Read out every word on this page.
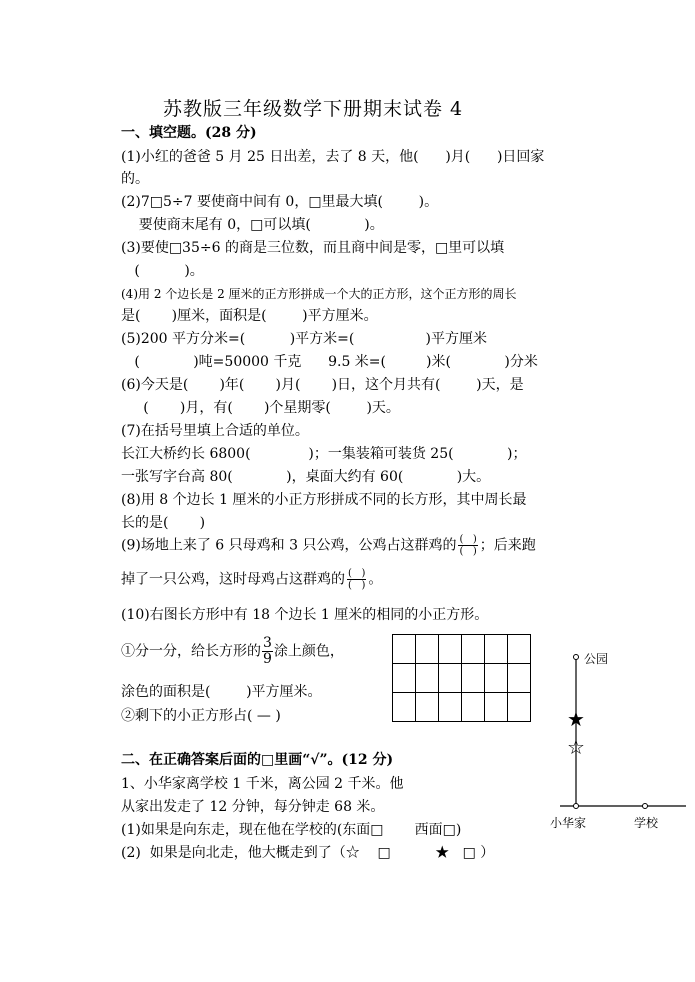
苏教版三年级数学下册期末试卷 4
一、填空题。(28 分)
(1)小红的爸爸 5 月 25 日出差，去了 8 天，他(      )月(      )日回家
的。
(2)7□5÷7 要使商中间有 0，□里最大填(        )。
要使商末尾有 0，□可以填(            )。
(3)要使□35÷6 的商是三位数，而且商中间是零，□里可以填
(          )。
(4)用 2 个边长是 2 厘米的正方形拼成一个大的正方形，这个正方形的周长
是(       )厘米，面积是(        )平方厘米。
(5)200 平方分米=(          )平方米=(                )平方厘米
(            )吨=50000 千克      9.5 米=(         )米(            )分米
(6)今天是(       )年(       )月(       )日，这个月共有(        )天，是
(       )月，有(       )个星期零(        )天。
(7)在括号里填上合适的单位。
长江大桥约长 6800(             )；一集装箱可装货 25(            )；
一张写字台高 80(            )，桌面大约有 60(            )大。
(8)用 8 个边长 1 厘米的小正方形拼成不同的长方形，其中周长最
长的是(       )
(9)场地上来了 6 只母鸡和 3 只公鸡，公鸡占这群鸡的 $\frac{( )}{( )}$ ；后来跑
掉了一只公鸡，这时母鸡占这群鸡的 $\frac{( )}{( )}$ 。
(10)右图长方形中有 18 个边长 1 厘米的相同的小正方形。
①分一分，给长方形的 $\frac{3}{9}$ 涂上颜色，
涂色的面积是(        )平方厘米。
②剩下的小正方形占( — )

二、在正确答案后面的□里画“√”。(12 分)
1、小华家离学校 1 千米，离公园 2 千米。他
从家出发走了 12 分钟，每分钟走 68 米。
(1)如果是向东走，现在他在学校的(东面□       西面□)
(2)  如果是向北走，他大概走到了（☆    □          ★   □ ）
公园
小华家	学校
★
☆
